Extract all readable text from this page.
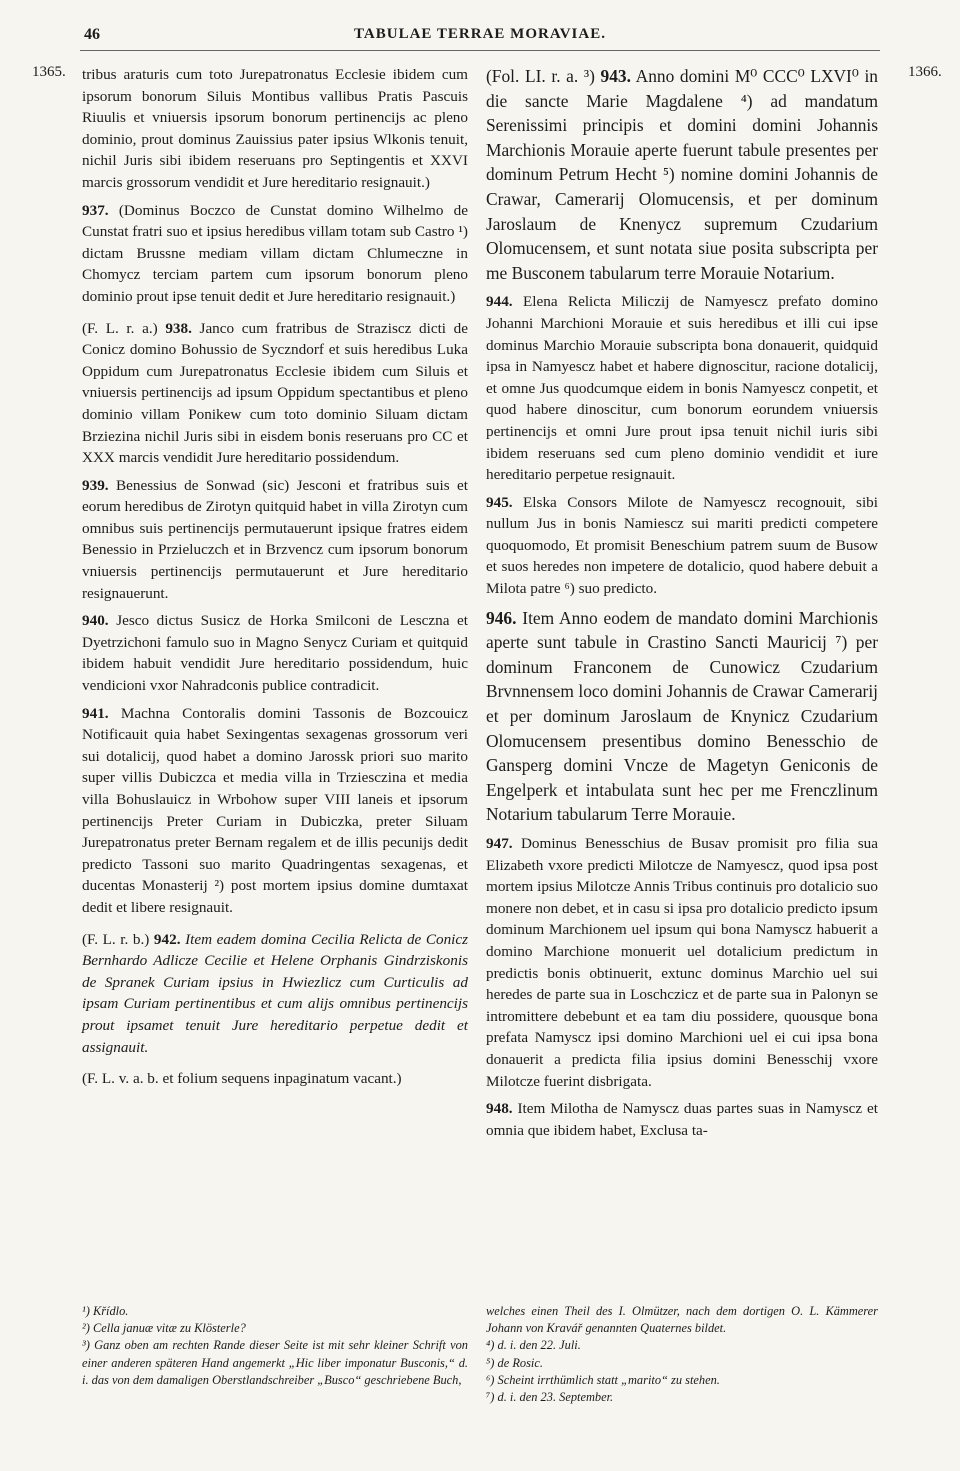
46	TABULAE TERRAE MORAVIAE.
1365.	1366.

tribus araturis cum toto Jurepatronatus Ecclesie ibidem cum ipsorum bonorum Siluis Montibus vallibus Pratis Pascuis Riuulis et vniuersis ipsorum bonorum pertinencijs ac pleno dominio, prout dominus Zauissius pater ipsius Wlkonis tenuit, nichil Juris sibi ibidem reseruans pro Septingentis et XXVI marcis grossorum vendidit et Jure hereditario resignauit.)

937. (Dominus Boczco de Cunstat domino Wilhelmo de Cunstat fratri suo et ipsius heredibus villam totam sub Castro ¹) dictam Brussne mediam villam dictam Chlumeczne in Chomycz terciam partem cum ipsorum bonorum pleno dominio prout ipse tenuit dedit et Jure hereditario resignauit.)

(F. L. r. a.) 938. Janco cum fratribus de Strazisсz dicti de Conicz domino Bohussio de Syczndorf et suis heredibus Luka Oppidum cum Jurepatronatus Ecclesie ibidem cum Siluis et vniuersis pertinencijs ad ipsum Oppidum spectantibus et pleno dominio villam Ponikew cum toto dominio Siluam dictam Brziezina nichil Juris sibi in eisdem bonis reseruans pro CC et XXX marcis vendidit Jure hereditario possidendum.

939. Benessius de Sonwad (sic) Jesconi et fratribus suis et eorum heredibus de Zirotyn quitquid habet in villa Zirotyn cum omnibus suis pertinencijs permutauerunt ipsique fratres eidem Benessio in Przieluczch et in Brzvencz cum ipsorum bonorum vniuersis pertinencijs permutauerunt et Jure hereditario resignauerunt.

940. Jesco dictus Susicz de Horka Smilconi de Lesczna et Dyetrzichoni famulo suo in Magno Senycz Curiam et quitquid ibidem habuit vendidit Jure hereditario possidendum, huic vendicioni vxor Nahradconis publice contradicit.

941. Machna Contoralis domini Tassonis de Bozcouicz Notificauit quia habet Sexingentas sexagenas grossorum veri sui dotalicij, quod habet a domino Jarossk priori suo marito super villis Dubiczca et media villa in Trziesczina et media villa Bohuslauicz in Wrbohow super VIII laneis et ipsorum pertinencijs Preter Curiam in Dubiczka, preter Siluam Jurepatronatus preter Bernam regalem et de illis pecunijs dedit predicto Tassoni suo marito Quadringentas sexagenas, et ducentas Monasterij ²) post mortem ipsius domine dumtaxat dedit et libere resignauit.

(F. L. r. b.) 942. Item eadem domina Cecilia Relicta de Conicz Bernhardo Adlicze Cecilie et Helene Orphanis Gindrziskonis de Spranek Curiam ipsius in Hwiezlicz cum Curticulis ad ipsam Curiam pertinentibus et cum alijs omnibus pertinencijs prout ipsamet tenuit Jure hereditario perpetue dedit et assignauit.

(F. L. v. a. b. et folium sequens inpaginatum vacant.)

(Fol. LI. r. a. ³) 943. Anno domini M⁰ CCC⁰ LXVI⁰ in die sancte Marie Magdalene ⁴) ad mandatum Serenissimi principis et domini domini Johannis Marchionis Morauie aperte fuerunt tabule presentes per dominum Petrum Hecht ⁵) nomine domini Johannis de Crawar, Camerarij Olomucensis, et per dominum Jaroslaum de Knenycz supremum Czudarium Olomucensem, et sunt notata siue posita subscripta per me Busconem tabularum terre Morauie Notarium.

944. Elena Relicta Miliczij de Namyescz prefato domino Johanni Marchioni Morauie et suis heredibus et illi cui ipse dominus Marchio Morauie subscripta bona donauerit, quidquid ipsa in Namyescz habet et habere dignoscitur, racione dotalicij, et omne Jus quodcumque eidem in bonis Namyescz conpetit, et quod habere dinoscitur, cum bonorum eorundem vniuersis pertinencijs et omni Jure prout ipsa tenuit nichil iuris sibi ibidem reseruans sed cum pleno dominio vendidit et iure hereditario perpetue resignauit.

945. Elska Consors Milote de Namyescz recognouit, sibi nullum Jus in bonis Namiescz sui mariti predicti competere quoquomodo, Et promisit Beneschium patrem suum de Busow et suos heredes non impetere de dotalicio, quod habere debuit a Milota patre ⁶) suo predicto.

946. Item Anno eodem de mandato domini Marchionis aperte sunt tabule in Crastino Sancti Mauricij ⁷) per dominum Franconem de Cunowicz Czudarium Brvnnensem loco domini Johannis de Crawar Camerarij et per dominum Jaroslaum de Knynicz Czudarium Olomucensem presentibus domino Benesschio de Gansperg domini Vncze de Magetyn Geniconis de Engelperk et intabulata sunt hec per me Frenczlinum Notarium tabularum Terre Morauie.

947. Dominus Benesschius de Busav promisit pro filia sua Elizabeth vxore predicti Milotcze de Namyescz, quod ipsa post mortem ipsius Milotcze Annis Tribus continuis pro dotalicio suo monere non debet, et in casu si ipsa pro dotalicio predicto ipsum dominum Marchionem uel ipsum qui bona Namyscz habuerit a domino Marchione monuerit uel dotalicium predictum in predictis bonis obtinuerit, extunc dominus Marchio uel sui heredes de parte sua in Loschczicz et de parte sua in Palonyn se intromittere debebunt et ea tam diu possidere, quousque bona prefata Namyscz ipsi domino Marchioni uel ei cui ipsa bona donauerit a predicta filia ipsius domini Benesschij vxore Milotcze fuerint disbrigata.

948. Item Milotha de Namyscz duas partes suas in Namyscz et omnia que ibidem habet, Exclusa ta-

¹) Křídlo.
²) Cella januæ vitæ zu Klösterle?
³) Ganz oben am rechten Rande dieser Seite ist mit sehr kleiner Schrift von einer anderen späteren Hand angemerkt „Hic liber imponatur Busconis,“ d. i. das von dem damaligen Oberstlandschreiber „Busco“ geschriebene Buch,
welches einen Theil des I. Olmützer, nach dem dortigen O. L. Kämmerer Johann von Kravář genannten Quaternes bildet.
⁴) d. i. den 22. Juli.
⁵) de Rosic.
⁶) Scheint irrthümlich statt „marito“ zu stehen.
⁷) d. i. den 23. September.
